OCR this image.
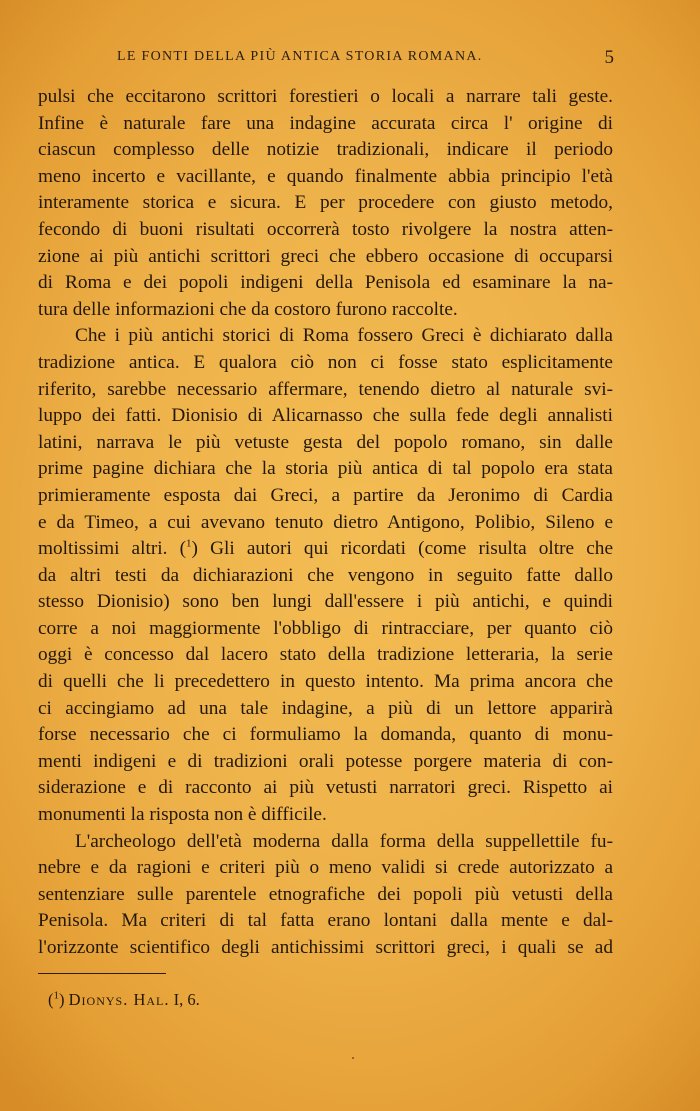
LE FONTI DELLA PIÙ ANTICA STORIA ROMANA.	5
pulsi che eccitarono scrittori forestieri o locali a narrare tali geste.
Infine è naturale fare una indagine accurata circa l' origine di
ciascun complesso delle notizie tradizionali, indicare il periodo
meno incerto e vacillante, e quando finalmente abbia principio l'età
interamente storica e sicura. E per procedere con giusto metodo,
fecondo di buoni risultati occorrerà tosto rivolgere la nostra atten-
zione ai più antichi scrittori greci che ebbero occasione di occuparsi
di Roma e dei popoli indigeni della Penisola ed esaminare la na-
tura delle informazioni che da costoro furono raccolte.
Che i più antichi storici di Roma fossero Greci è dichiarato dalla
tradizione antica. E qualora ciò non ci fosse stato esplicitamente
riferito, sarebbe necessario affermare, tenendo dietro al naturale svi-
luppo dei fatti. Dionisio di Alicarnasso che sulla fede degli annalisti
latini, narrava le più vetuste gesta del popolo romano, sin dalle
prime pagine dichiara che la storia più antica di tal popolo era stata
primieramente esposta dai Greci, a partire da Jeronimo di Cardia
e da Timeo, a cui avevano tenuto dietro Antigono, Polibio, Sileno e
moltissimi altri. ($^1$) Gli autori qui ricordati (come risulta oltre che
da altri testi da dichiarazioni che vengono in seguito fatte dallo
stesso Dionisio) sono ben lungi dall'essere i più antichi, e quindi
corre a noi maggiormente l'obbligo di rintracciare, per quanto ciò
oggi è concesso dal lacero stato della tradizione letteraria, la serie
di quelli che li precedettero in questo intento. Ma prima ancora che
ci accingiamo ad una tale indagine, a più di un lettore apparirà
forse necessario che ci formuliamo la domanda, quanto di monu-
menti indigeni e di tradizioni orali potesse porgere materia di con-
siderazione e di racconto ai più vetusti narratori greci. Rispetto ai
monumenti la risposta non è difficile.
L'archeologo dell'età moderna dalla forma della suppellettile fu-
nebre e da ragioni e criteri più o meno validi si crede autorizzato a
sentenziare sulle parentele etnografiche dei popoli più vetusti della
Penisola. Ma criteri di tal fatta erano lontani dalla mente e dal-
l'orizzonte scientifico degli antichissimi scrittori greci, i quali se ad
($^1$) Dionys. Hal. I, 6.
